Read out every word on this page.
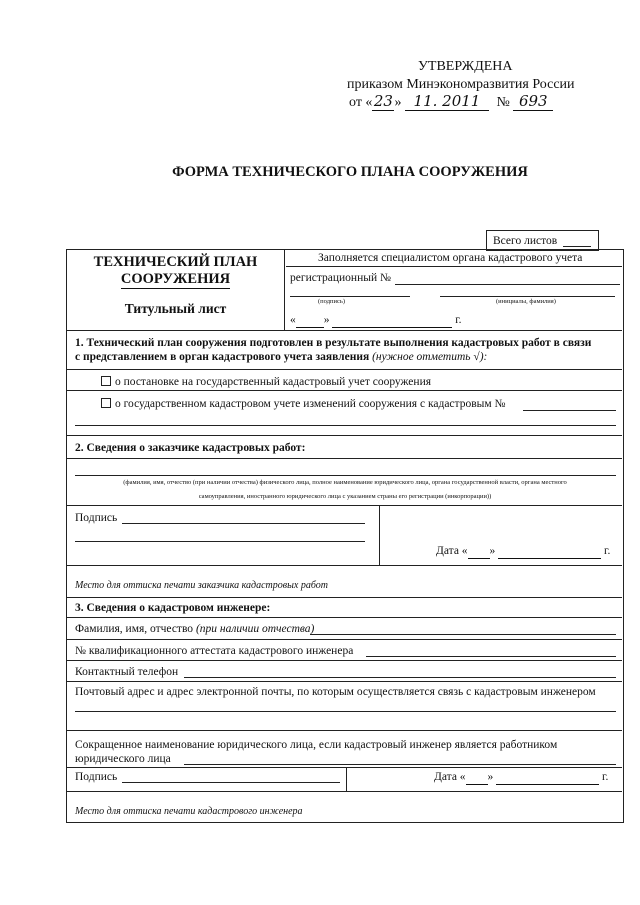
УТВЕРЖДЕНА
приказом Минэкономразвития России
от «23» 11. 2011 № 693
ФОРМА ТЕХНИЧЕСКОГО ПЛАНА СООРУЖЕНИЯ
Всего листов
ТЕХНИЧЕСКИЙ ПЛАН
СООРУЖЕНИЯ
Титульный лист
Заполняется специалистом органа кадастрового учета
регистрационный №
(подпись)	(инициалы, фамилия)
« »	г.
1. Технический план сооружения подготовлен в результате выполнения кадастровых работ в связи
с представлением в орган кадастрового учета заявления (нужное отметить √):
о постановке на государственный кадастровый учет сооружения
о государственном кадастровом учете изменений сооружения с кадастровым №
2. Сведения о заказчике кадастровых работ:
(фамилия, имя, отчество (при наличии отчества) физического лица, полное наименование юридического лица, органа государственной власти, органа местного
самоуправления, иностранного юридического лица с указанием страны его регистрации (инкорпорации))
Подпись
Дата « »	г.
Место для оттиска печати заказчика кадастровых работ
3. Сведения о кадастровом инженере:
Фамилия, имя, отчество (при наличии отчества)
№ квалификационного аттестата кадастрового инженера
Контактный телефон
Почтовый адрес и адрес электронной почты, по которым осуществляется связь с кадастровым инженером
Сокращенное наименование юридического лица, если кадастровый инженер является работником
юридического лица
Подпись	Дата « »	г.
Место для оттиска печати кадастрового инженера
